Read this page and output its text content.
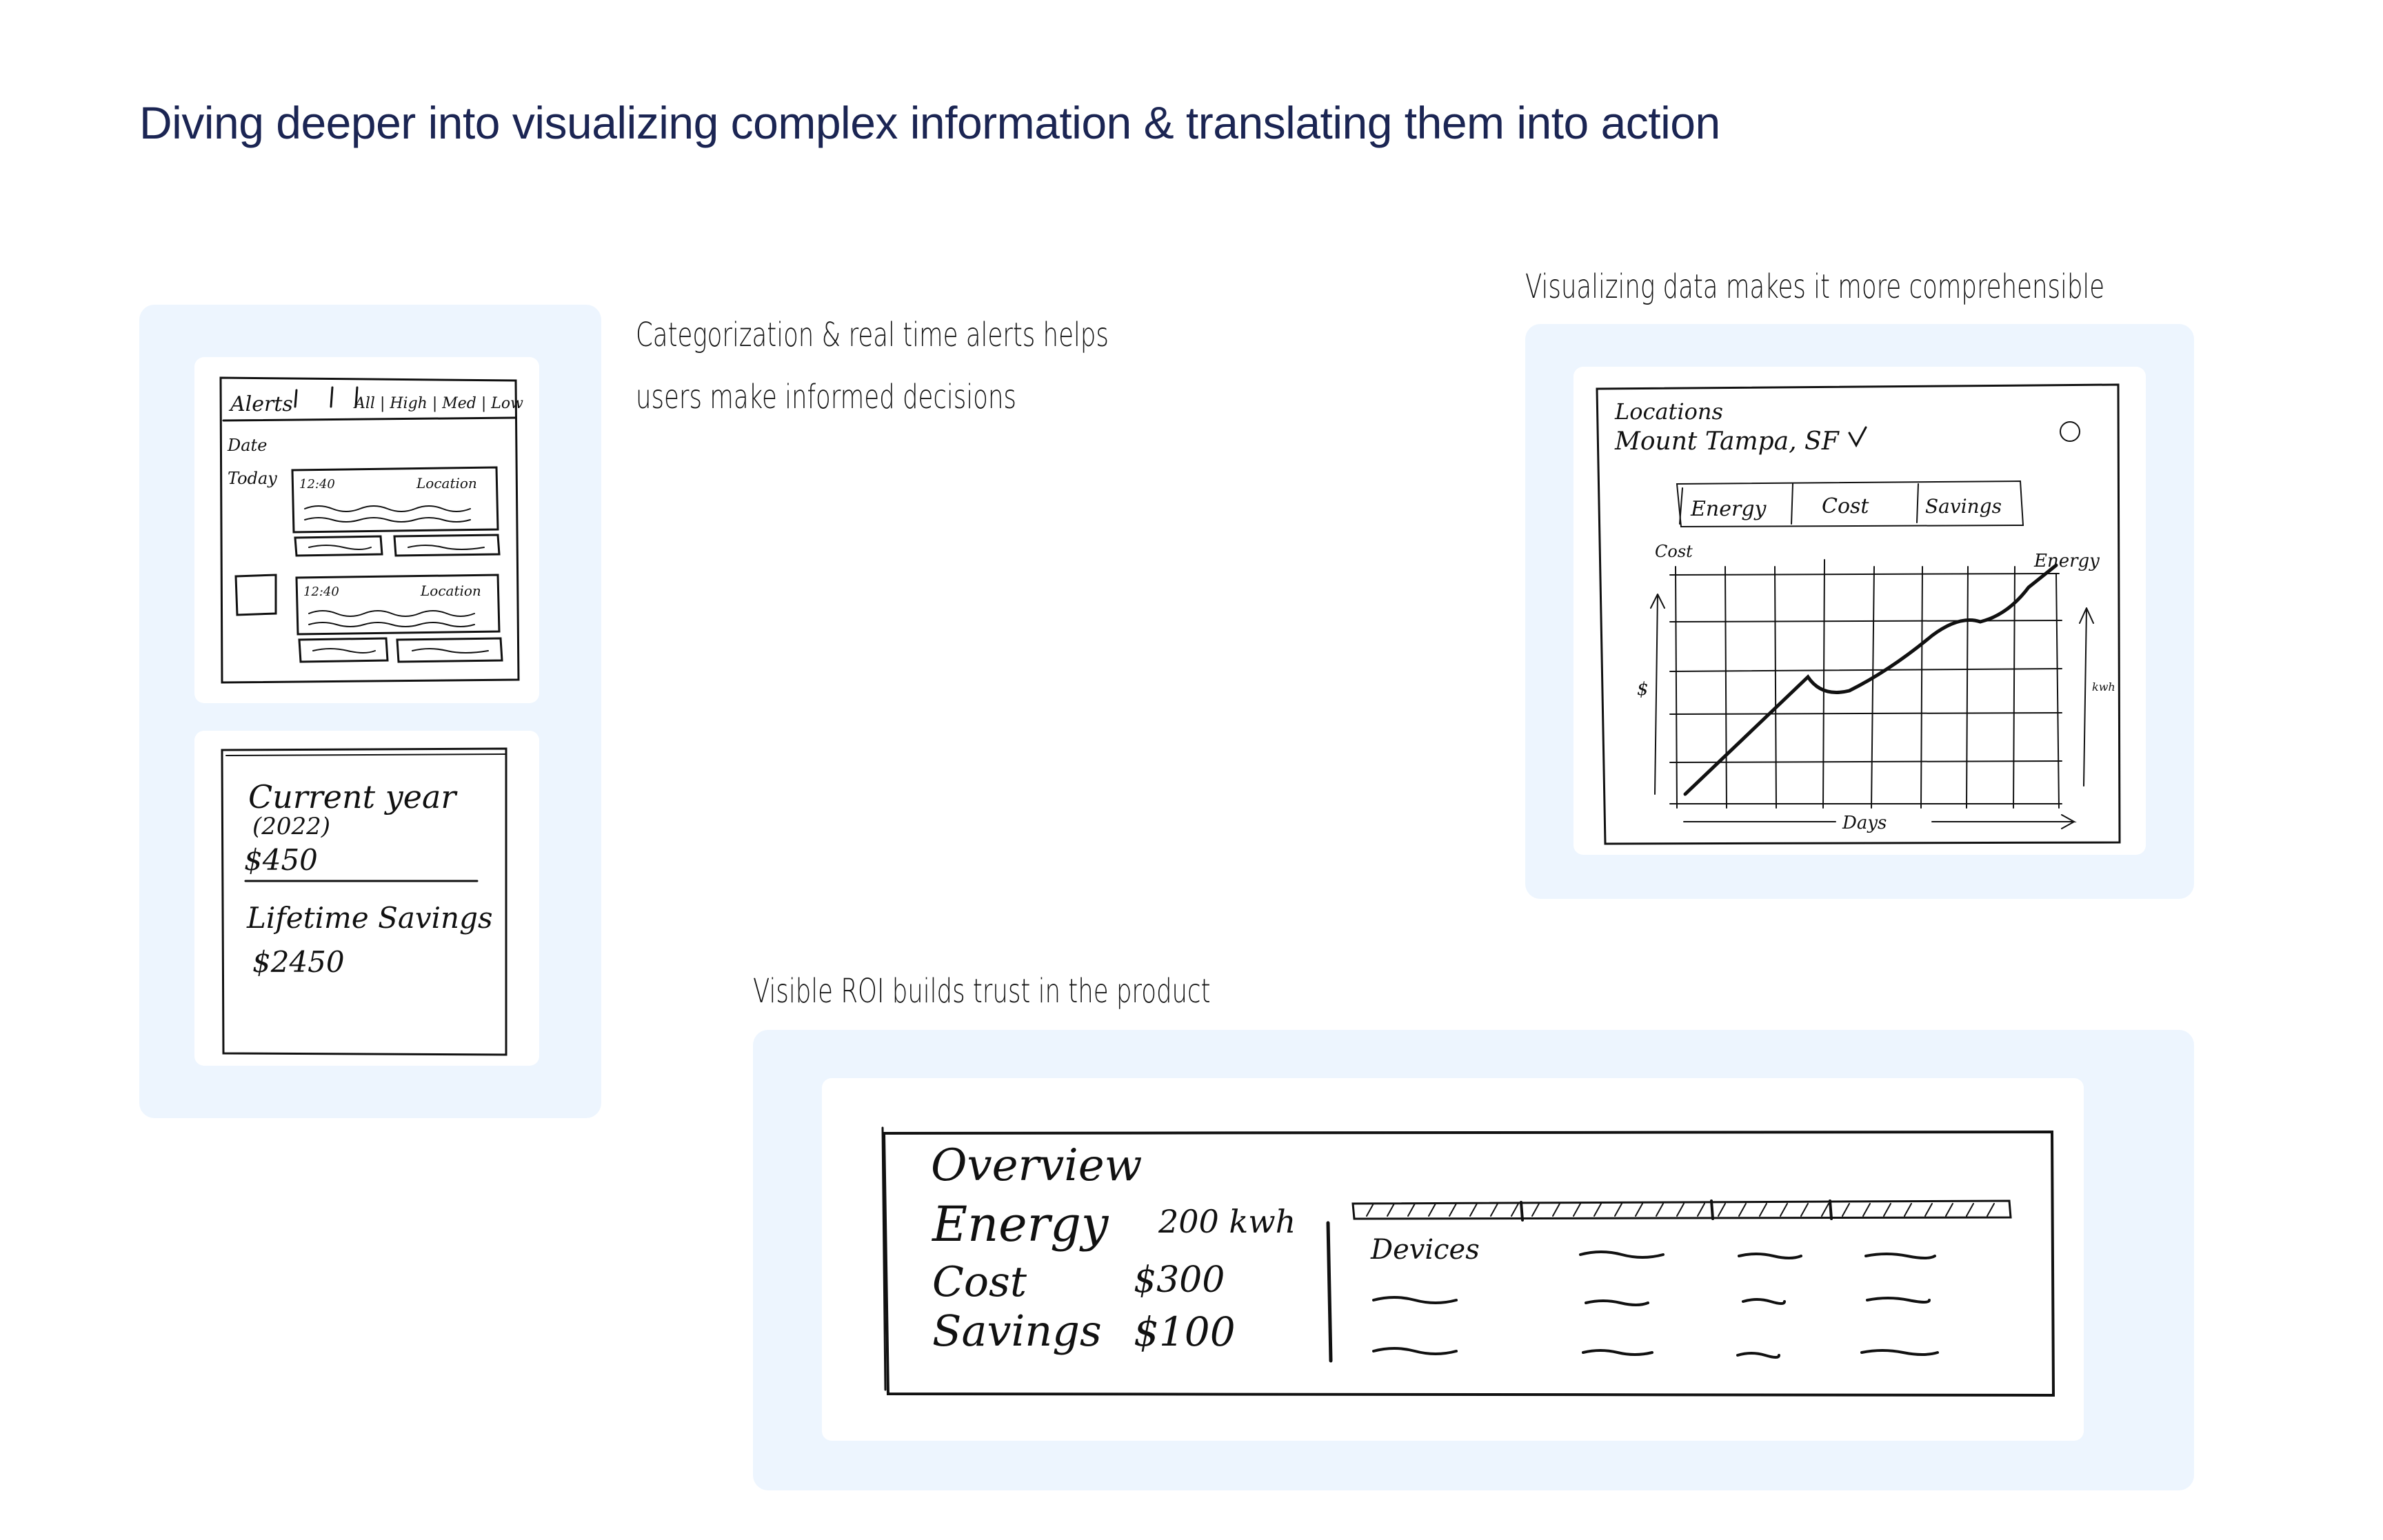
Diving deeper into visualizing complex information & translating them into action
Alerts	All | High | Med | Low
Date
Today 12:40	Location
12:40	Location
Current year
(2022)
$450
Lifetime Savings
$2450
Categorization & real time alerts helps
users make informed decisions
Visualizing data makes it more comprehensible
Locations
Mount Tampa, SF
Energy	Cost	Savings
Cost	Energy
$	kwh
Days
Visible ROI builds trust in the product
Overview
Energy 200 kwh
Cost	$300
Savings $100
Devices
